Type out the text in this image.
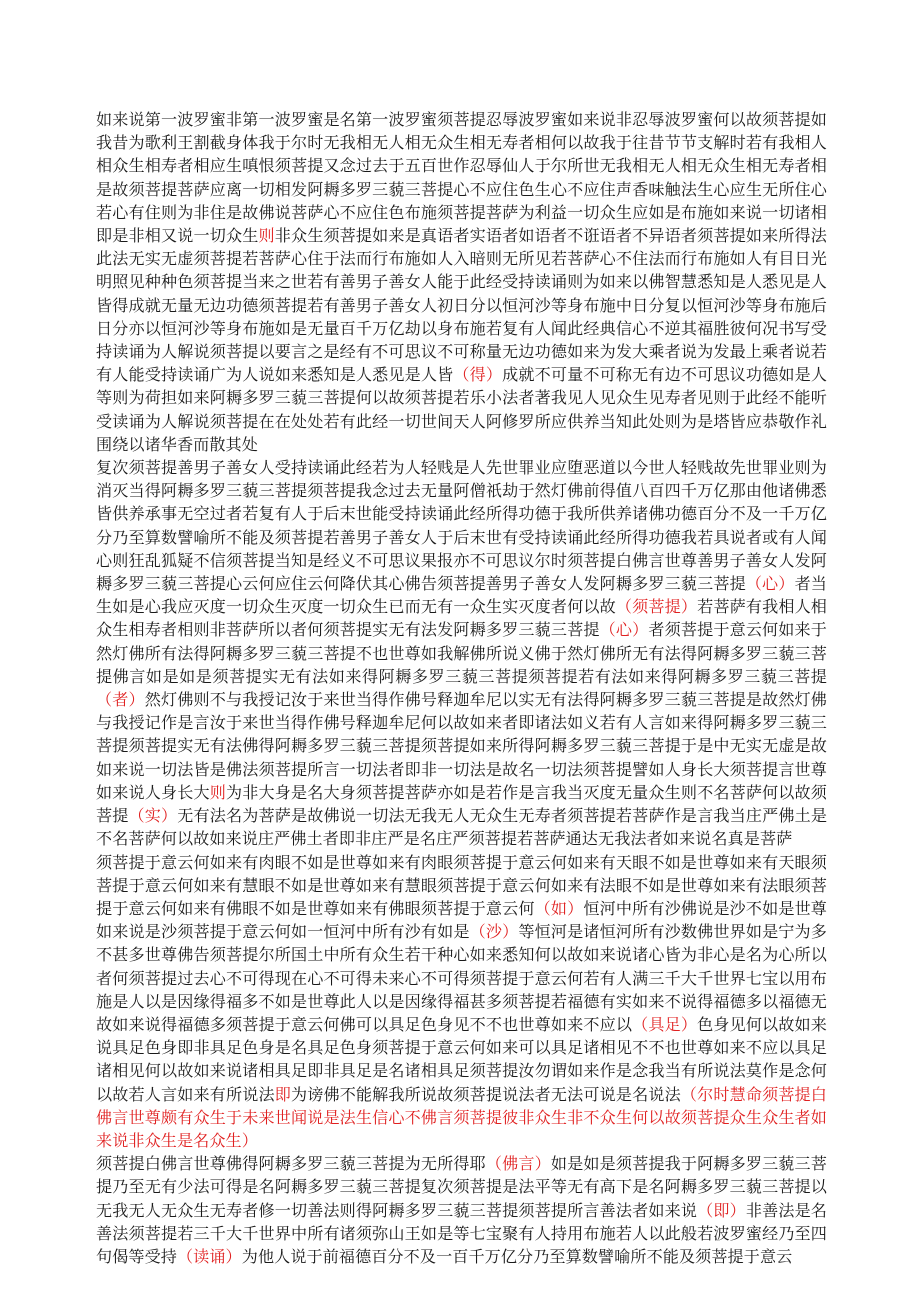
如来说第一波罗蜜非第一波罗蜜是名第一波罗蜜须菩提忍辱波罗蜜如来说非忍辱波罗蜜何以故须菩提如我昔为歌利王割截身体我于尔时无我相无人相无众生相无寿者相何以故我于往昔节节支解时若有我相人相众生相寿者相应生嗔恨须菩提又念过去于五百世作忍辱仙人于尔所世无我相无人相无众生相无寿者相是故须菩提菩萨应离一切相发阿耨多罗三藐三菩提心不应住色生心不应住声香味触法生心应生无所住心若心有住则为非住是故佛说菩萨心不应住色布施须菩提菩萨为利益一切众生应如是布施如来说一切诸相即是非相又说一切众生则非众生须菩提如来是真语者实语者如语者不诳语者不异语者须菩提如来所得法此法无实无虚须菩提若菩萨心住于法而行布施如人入暗则无所见若菩萨心不住法而行布施如人有目日光明照见种种色须菩提当来之世若有善男子善女人能于此经受持读诵则为如来以佛智慧悉知是人悉见是人皆得成就无量无边功德须菩提若有善男子善女人初日分以恒河沙等身布施中日分复以恒河沙等身布施后日分亦以恒河沙等身布施如是无量百千万亿劫以身布施若复有人闻此经典信心不逆其福胜彼何况书写受持读诵为人解说须菩提以要言之是经有不可思议不可称量无边功德如来为发大乘者说为发最上乘者说若有人能受持读诵广为人说如来悉知是人悉见是人皆（得）成就不可量不可称无有边不可思议功德如是人等则为荷担如来阿耨多罗三藐三菩提何以故须菩提若乐小法者著我见人见众生见寿者见则于此经不能听受读诵为人解说须菩提在在处处若有此经一切世间天人阿修罗所应供养当知此处则为是塔皆应恭敬作礼围绕以诸华香而散其处

复次须菩提善男子善女人受持读诵此经若为人轻贱是人先世罪业应堕恶道以今世人轻贱故先世罪业则为消灭当得阿耨多罗三藐三菩提须菩提我念过去无量阿僧祇劫于然灯佛前得值八百四千万亿那由他诸佛悉皆供养承事无空过者若复有人于后末世能受持读诵此经所得功德于我所供养诸佛功德百分不及一千万亿分乃至算数譬喻所不能及须菩提若善男子善女人于后末世有受持读诵此经所得功德我若具说者或有人闻心则狂乱狐疑不信须菩提当知是经义不可思议果报亦不可思议尔时须菩提白佛言世尊善男子善女人发阿耨多罗三藐三菩提心云何应住云何降伏其心佛告须菩提善男子善女人发阿耨多罗三藐三菩提（心）者当生如是心我应灭度一切众生灭度一切众生已而无有一众生实灭度者何以故（须菩提）若菩萨有我相人相众生相寿者相则非菩萨所以者何须菩提实无有法发阿耨多罗三藐三菩提（心）者须菩提于意云何如来于然灯佛所有法得阿耨多罗三藐三菩提不也世尊如我解佛所说义佛于然灯佛所无有法得阿耨多罗三藐三菩提佛言如是如是须菩提实无有法如来得阿耨多罗三藐三菩提须菩提若有法如来得阿耨多罗三藐三菩提（者）然灯佛则不与我授记汝于来世当得作佛号释迦牟尼以实无有法得阿耨多罗三藐三菩提是故然灯佛与我授记作是言汝于来世当得作佛号释迦牟尼何以故如来者即诸法如义若有人言如来得阿耨多罗三藐三菩提须菩提实无有法佛得阿耨多罗三藐三菩提须菩提如来所得阿耨多罗三藐三菩提于是中无实无虚是故如来说一切法皆是佛法须菩提所言一切法者即非一切法是故名一切法须菩提譬如人身长大须菩提言世尊如来说人身长大则为非大身是名大身须菩提菩萨亦如是若作是言我当灭度无量众生则不名菩萨何以故须菩提（实）无有法名为菩萨是故佛说一切法无我无人无众生无寿者须菩提若菩萨作是言我当庄严佛土是不名菩萨何以故如来说庄严佛土者即非庄严是名庄严须菩提若菩萨通达无我法者如来说名真是菩萨

须菩提于意云何如来有肉眼不如是世尊如来有肉眼须菩提于意云何如来有天眼不如是世尊如来有天眼须菩提于意云何如来有慧眼不如是世尊如来有慧眼须菩提于意云何如来有法眼不如是世尊如来有法眼须菩提于意云何如来有佛眼不如是世尊如来有佛眼须菩提于意云何（如）恒河中所有沙佛说是沙不如是世尊如来说是沙须菩提于意云何如一恒河中所有沙有如是（沙）等恒河是诸恒河所有沙数佛世界如是宁为多不甚多世尊佛告须菩提尔所国土中所有众生若干种心如来悉知何以故如来说诸心皆为非心是名为心所以者何须菩提过去心不可得现在心不可得未来心不可得须菩提于意云何若有人满三千大千世界七宝以用布施是人以是因缘得福多不如是世尊此人以是因缘得福甚多须菩提若福德有实如来不说得福德多以福德无故如来说得福德多须菩提于意云何佛可以具足色身见不不也世尊如来不应以（具足）色身见何以故如来说具足色身即非具足色身是名具足色身须菩提于意云何如来可以具足诸相见不不也世尊如来不应以具足诸相见何以故如来说诸相具足即非具足是名诸相具足须菩提汝勿谓如来作是念我当有所说法莫作是念何以故若人言如来有所说法即为谤佛不能解我所说故须菩提说法者无法可说是名说法（尔时慧命须菩提白佛言世尊颇有众生于未来世闻说是法生信心不佛言须菩提彼非众生非不众生何以故须菩提众生众生者如来说非众生是名众生）

须菩提白佛言世尊佛得阿耨多罗三藐三菩提为无所得耶（佛言）如是如是须菩提我于阿耨多罗三藐三菩提乃至无有少法可得是名阿耨多罗三藐三菩提复次须菩提是法平等无有高下是名阿耨多罗三藐三菩提以无我无人无众生无寿者修一切善法则得阿耨多罗三藐三菩提须菩提所言善法者如来说（即）非善法是名善法须菩提若三千大千世界中所有诸须弥山王如是等七宝聚有人持用布施若人以此般若波罗蜜经乃至四句偈等受持（读诵）为他人说于前福德百分不及一百千万亿分乃至算数譬喻所不能及须菩提于意云
